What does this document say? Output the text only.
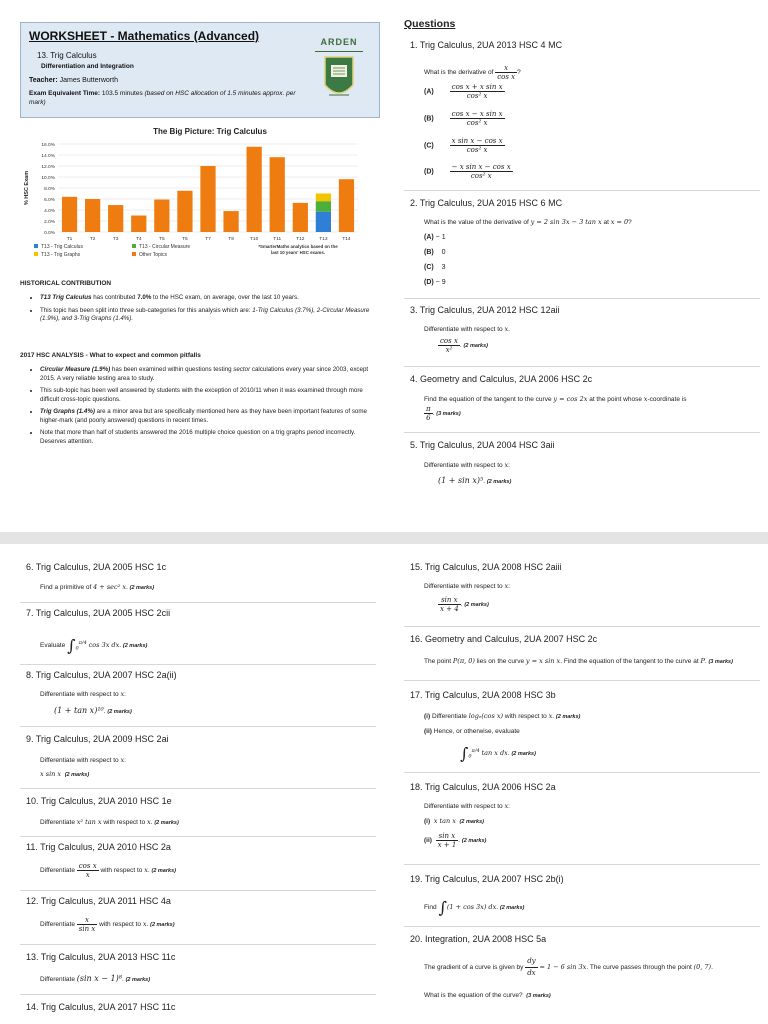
WORKSHEET - Mathematics (Advanced)
13. Trig Calculus
Differentiation and Integration
Teacher: James Butterworth
Exam Equivalent Time: 103.5 minutes (based on HSC allocation of 1.5 minutes approx. per mark)
ARDEN
The Big Picture: Trig Calculus
16.0%
14.0%
12.0%
10.0%
8.0%
6.0%
4.0%
2.0%
0.0%
% HSC Exam
T1	T2	T3	T4	T5	T6	T7	T8	T10	T11	T12	T13	T14
T13 - Trig Calculus	T13 - Circular Measure
T13 - Trig Graphs	Other Topics
*SmarterMaths analytics based on the
last 10 years' HSC exams.
HISTORICAL CONTRIBUTION
• T13 Trig Calculus has contributed 7.0% to the HSC exam, on average, over the last 10 years.
• This topic has been split into three sub-categories for this analysis which are: 1-Trig Calculus (3.7%), 2-Circular Measure (1.9%), and 3-Trig Graphs (1.4%).
2017 HSC ANALYSIS - What to expect and common pitfalls
• Circular Measure (1.9%) has been examined within questions testing sector calculations every year since 2003, except 2015. A very reliable testing area to study.
• This sub-topic has been well answered by students with the exception of 2010/11 when it was examined through more difficult cross-topic questions.
• Trig Graphs (1.4%) are a minor area but are specifically mentioned here as they have been important features of some higher-mark (and poorly answered) questions in recent times.
• Note that more than half of students answered the 2016 multiple choice question on a trig graphs period incorrectly. Deserves attention.
Questions
1. Trig Calculus, 2UA 2013 HSC 4 MC
What is the derivative of $\frac{x}{\text{cos x}}$ ?
$(A) \frac{\text{cos x + x sin x}}{\text{cos² x}}$
$(B) \frac{\text{cos x − x sin x}}{\text{cos² x}}$
$(C) \frac{\text{x sin x − cos x}}{\text{cos² x}}$
$(D) \frac{\text{− x sin x − cos x}}{\text{cos² x}}$
2. Trig Calculus, 2UA 2015 HSC 6 MC
What is the value of the derivative of y = 2 sin 3x − 3 tan x at x = 0?
(A) − 1
(B) 0
(C) 3
(D) − 9
3. Trig Calculus, 2UA 2012 HSC 12aii
Differentiate with respect to x.
$\frac{\text{cos x}}{\text{x²}}$ . (2 marks)
4. Geometry and Calculus, 2UA 2006 HSC 2c
Find the equation of the tangent to the curve y = cos 2x at the point whose x-coordinate is
$\frac{\pi}{6}$ . (3 marks)
5. Trig Calculus, 2UA 2004 HSC 3aii
Differentiate with respect to x:
(1 + sin x)⁵. (2 marks)
6. Trig Calculus, 2UA 2005 HSC 1c
Find a primitive of 4 + sec² x. (2 marks)
7. Trig Calculus, 2UA 2005 HSC 2cii
Evaluate $\int_0^{\pi/4}$ cos 3x dx. (2 marks)
8. Trig Calculus, 2UA 2007 HSC 2a(ii)
Differentiate with respect to x:
(1 + tan x)¹⁰. (2 marks)
9. Trig Calculus, 2UA 2009 HSC 2ai
Differentiate with respect to x:
x sin x (2 marks)
10. Trig Calculus, 2UA 2010 HSC 1e
Differentiate x² tan x with respect to x. (2 marks)
11. Trig Calculus, 2UA 2010 HSC 2a
Differentiate $\frac{\text{cos x}}{x}$ with respect to x. (2 marks)
12. Trig Calculus, 2UA 2011 HSC 4a
Differentiate $\frac{x}{\text{sin x}}$ with respect to x. (2 marks)
13. Trig Calculus, 2UA 2013 HSC 11c
Differentiate (sin x − 1)⁸. (2 marks)
14. Trig Calculus, 2UA 2017 HSC 11c
15. Trig Calculus, 2UA 2008 HSC 2aiii
Differentiate with respect to x:
$\frac{\text{sin x}}{x + 4}$ . (2 marks)
16. Geometry and Calculus, 2UA 2007 HSC 2c
The point P(π, 0) lies on the curve y = x sin x. Find the equation of the tangent to the curve at P. (3 marks)
17. Trig Calculus, 2UA 2008 HSC 3b
(i) Differentiate logₑ(cos x) with respect to x. (2 marks)
(ii) Hence, or otherwise, evaluate
$\int_0^{\pi/4}$ tan x dx. (2 marks)
18. Trig Calculus, 2UA 2006 HSC 2a
Differentiate with respect to x:
(i) x tan x (2 marks)
$(ii) \frac{\text{sin x}}{x + 1}$ . (2 marks)
19. Trig Calculus, 2UA 2007 HSC 2b(i)
Find ∫(1 + cos 3x) dx. (2 marks)
20. Integration, 2UA 2008 HSC 5a
The gradient of a curve is given by $\frac{dy}{dx} = 1 - 6$ sin 3x. The curve passes through the point (0, 7).
What is the equation of the curve? (3 marks)
